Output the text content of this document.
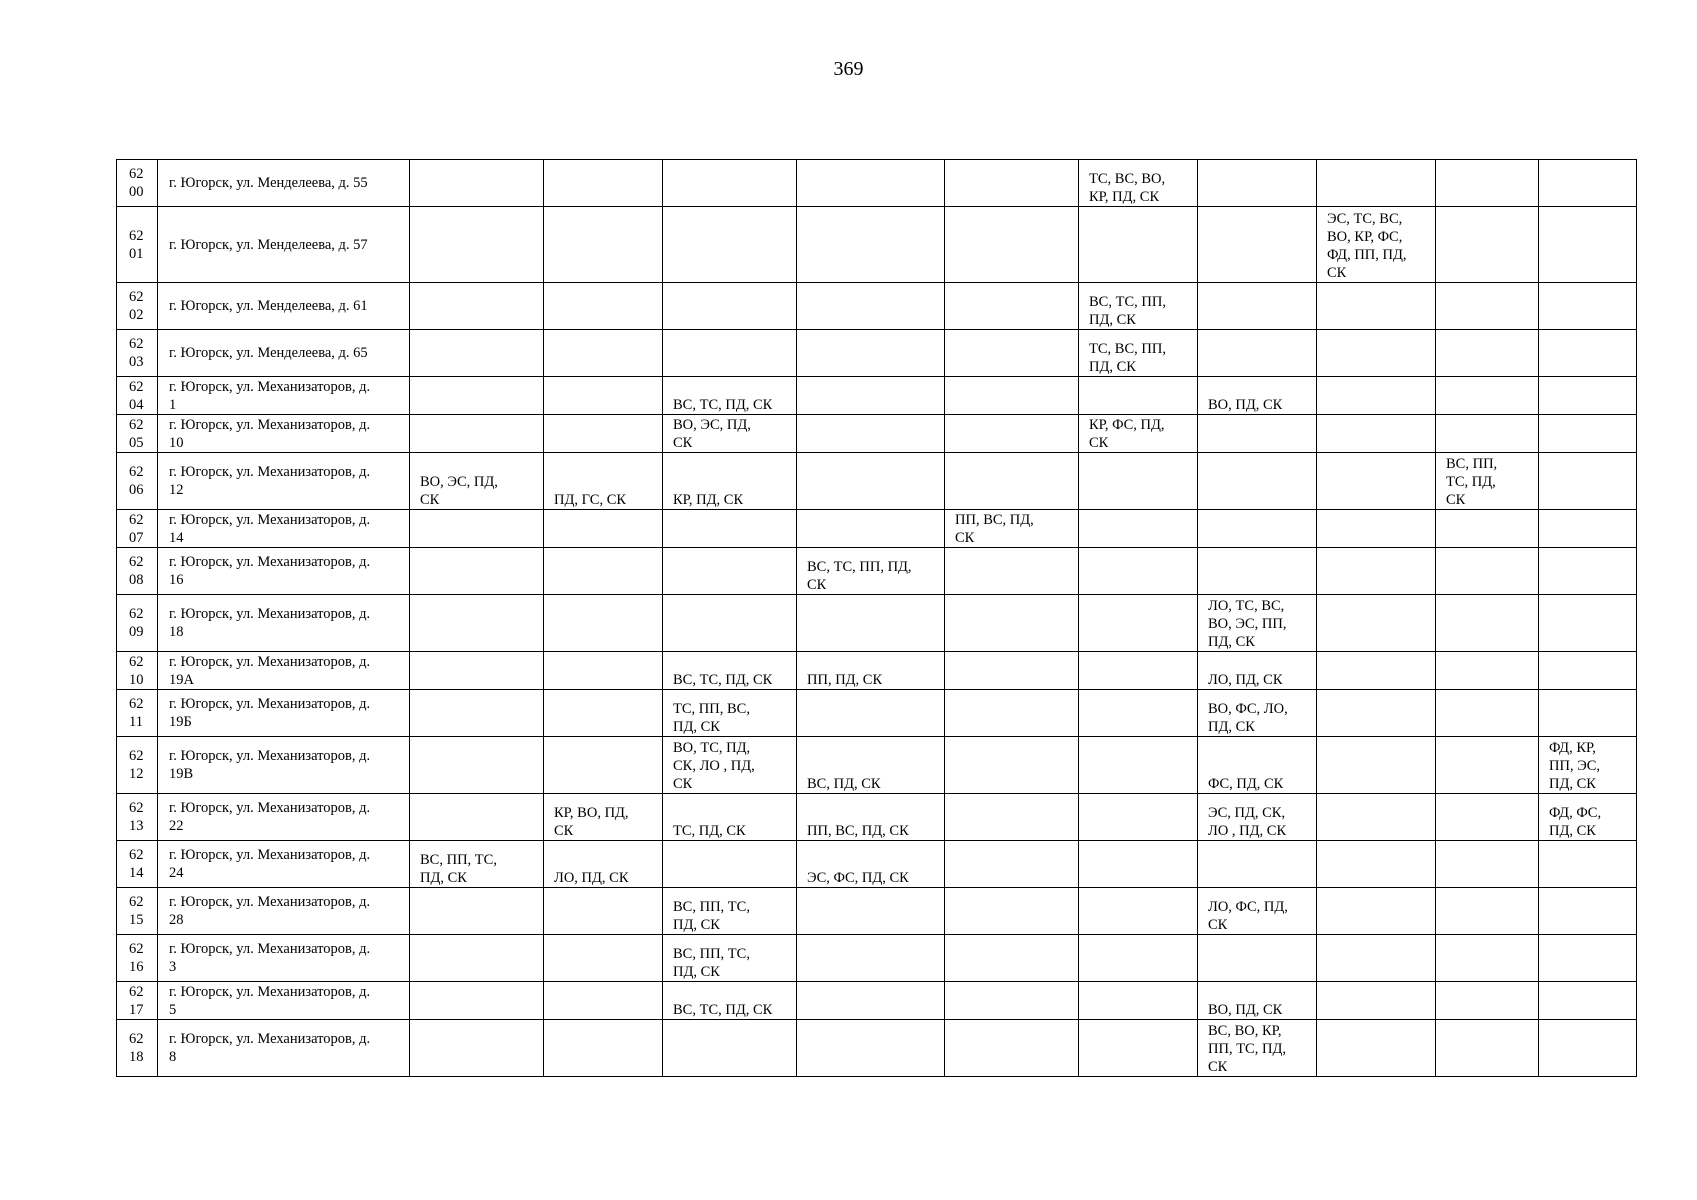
369
62
00	г. Югорск, ул. Менделеева, д. 55						ТС, ВС, ВО,
КР, ПД, СК				
62
01	г. Югорск, ул. Менделеева, д. 57								ЭС, ТС, ВС,
ВО, КР, ФС,
ФД, ПП, ПД,
СК		
62
02	г. Югорск, ул. Менделеева, д. 61						ВС, ТС, ПП,
ПД, СК				
62
03	г. Югорск, ул. Менделеева, д. 65						ТС, ВС, ПП,
ПД, СК				
62
04	г. Югорск, ул. Механизаторов, д.
1			ВС, ТС, ПД, СК				ВО, ПД, СК			
62
05	г. Югорск, ул. Механизаторов, д.
10			ВО, ЭС, ПД,
СК			КР, ФС, ПД,
СК				
62
06	г. Югорск, ул. Механизаторов, д.
12	ВО, ЭС, ПД,
СК	ПД, ГС, СК	КР, ПД, СК						ВС, ПП,
ТС, ПД,
СК	
62
07	г. Югорск, ул. Механизаторов, д.
14					ПП, ВС, ПД,
СК					
62
08	г. Югорск, ул. Механизаторов, д.
16				ВС, ТС, ПП, ПД,
СК						
62
09	г. Югорск, ул. Механизаторов, д.
18							ЛО, ТС, ВС,
ВО, ЭС, ПП,
ПД, СК			
62
10	г. Югорск, ул. Механизаторов, д.
19А			ВС, ТС, ПД, СК	ПП, ПД, СК			ЛО, ПД, СК			
62
11	г. Югорск, ул. Механизаторов, д.
19Б			ТС, ПП, ВС,
ПД, СК				ВО, ФС, ЛО,
ПД, СК			
62
12	г. Югорск, ул. Механизаторов, д.
19В			ВО, ТС, ПД,
СК, ЛО , ПД,
СК	ВС, ПД, СК			ФС, ПД, СК			ФД, КР,
ПП, ЭС,
ПД, СК
62
13	г. Югорск, ул. Механизаторов, д.
22		КР, ВО, ПД,
СК	ТС, ПД, СК	ПП, ВС, ПД, СК			ЭС, ПД, СК,
ЛО , ПД, СК			ФД, ФС,
ПД, СК
62
14	г. Югорск, ул. Механизаторов, д.
24	ВС, ПП, ТС,
ПД, СК	ЛО, ПД, СК		ЭС, ФС, ПД, СК						
62
15	г. Югорск, ул. Механизаторов, д.
28			ВС, ПП, ТС,
ПД, СК				ЛО, ФС, ПД,
СК			
62
16	г. Югорск, ул. Механизаторов, д.
3			ВС, ПП, ТС,
ПД, СК							
62
17	г. Югорск, ул. Механизаторов, д.
5			ВС, ТС, ПД, СК				ВО, ПД, СК			
62
18	г. Югорск, ул. Механизаторов, д.
8							ВС, ВО, КР,
ПП, ТС, ПД,
СК			
